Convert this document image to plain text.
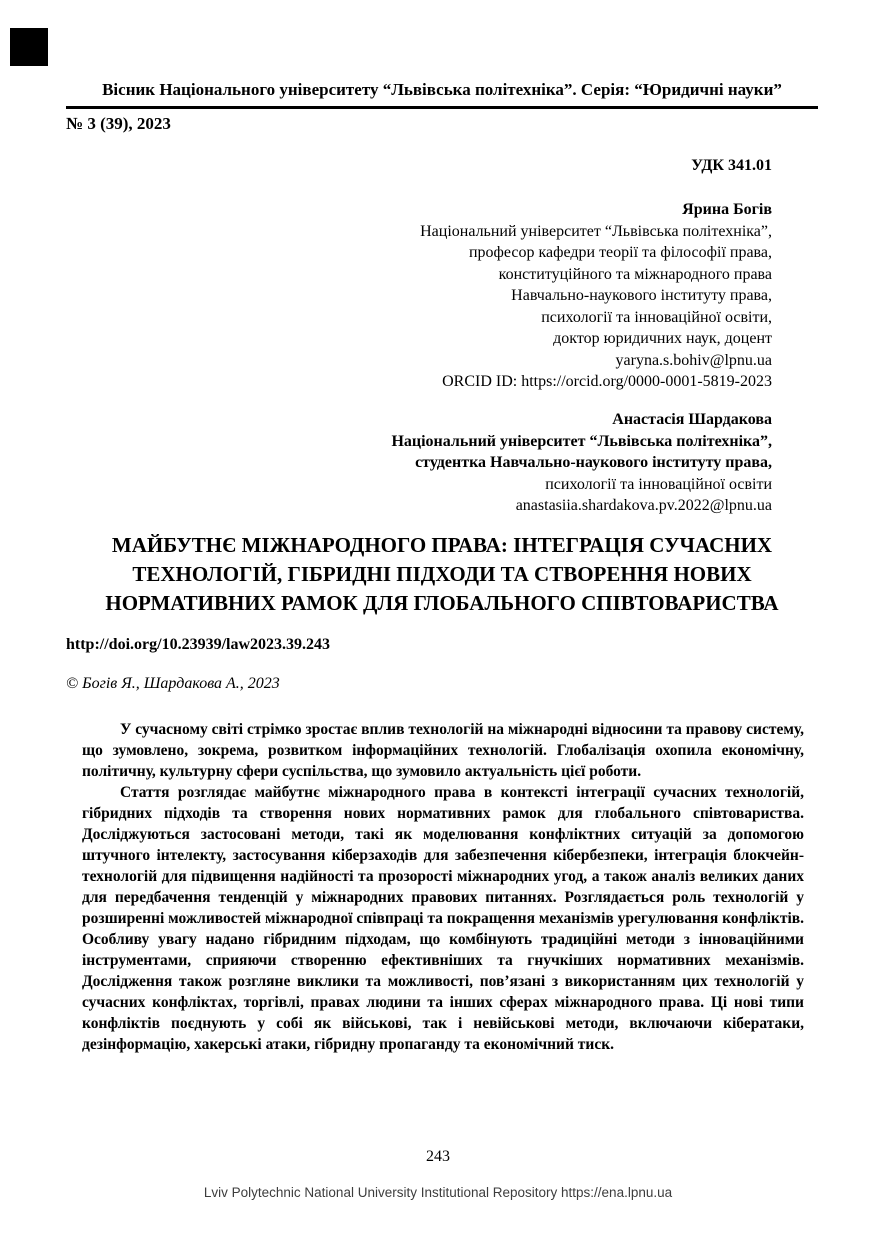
Вісник Національного університету “Львівська політехніка”. Серія: “Юридичні науки”
№ 3 (39), 2023
УДК 341.01
Ярина Богів
Національний університет “Львівська політехніка”,
професор кафедри теорії та філософії права,
конституційного та міжнародного права
Навчально-наукового інституту права,
психології та інноваційної освіти,
доктор юридичних наук, доцент
yaryna.s.bohiv@lpnu.ua
ORCID ID: https://orcid.org/0000-0001-5819-2023
Анастасія Шардакова
Національний університет “Львівська політехніка”,
студентка Навчально-наукового інституту права,
психології та інноваційної освіти
anastasiia.shardakova.pv.2022@lpnu.ua
МАЙБУТНЄ МІЖНАРОДНОГО ПРАВА: ІНТЕГРАЦІЯ СУЧАСНИХ ТЕХНОЛОГІЙ, ГІБРИДНІ ПІДХОДИ ТА СТВОРЕННЯ НОВИХ НОРМАТИВНИХ РАМОК ДЛЯ ГЛОБАЛЬНОГО СПІВТОВАРИСТВА
http://doi.org/10.23939/law2023.39.243
© Богів Я., Шардакова А., 2023

У сучасному світі стрімко зростає вплив технологій на міжнародні відносини та правову систему, що зумовлено, зокрема, розвитком інформаційних технологій. Глобалізація охопила економічну, політичну, культурну сфери суспільства, що зумовило актуальність цієї роботи.

Стаття розглядає майбутнє міжнародного права в контексті інтеграції сучасних технологій, гібридних підходів та створення нових нормативних рамок для глобального співтовариства. Досліджуються застосовані методи, такі як моделювання конфліктних ситуацій за допомогою штучного інтелекту, застосування кіберзаходів для забезпечення кібербезпеки, інтеграція блокчейн-технологій для підвищення надійності та прозорості міжнародних угод, а також аналіз великих даних для передбачення тенденцій у міжнародних правових питаннях. Розглядається роль технологій у розширенні можливостей міжнародної співпраці та покращення механізмів урегулювання конфліктів. Особливу увагу надано гібридним підходам, що комбінують традиційні методи з інноваційними інструментами, сприяючи створенню ефективніших та гнучкіших нормативних механізмів. Дослідження також розгляне виклики та можливості, пов’язані з використанням цих технологій у сучасних конфліктах, торгівлі, правах людини та інших сферах міжнародного права. Ці нові типи конфліктів поєднують у собі як військові, так і невійськові методи, включаючи кібератаки, дезінформацію, хакерські атаки, гібридну пропаганду та економічний тиск.

243
Lviv Polytechnic National University Institutional Repository https://ena.lpnu.ua
